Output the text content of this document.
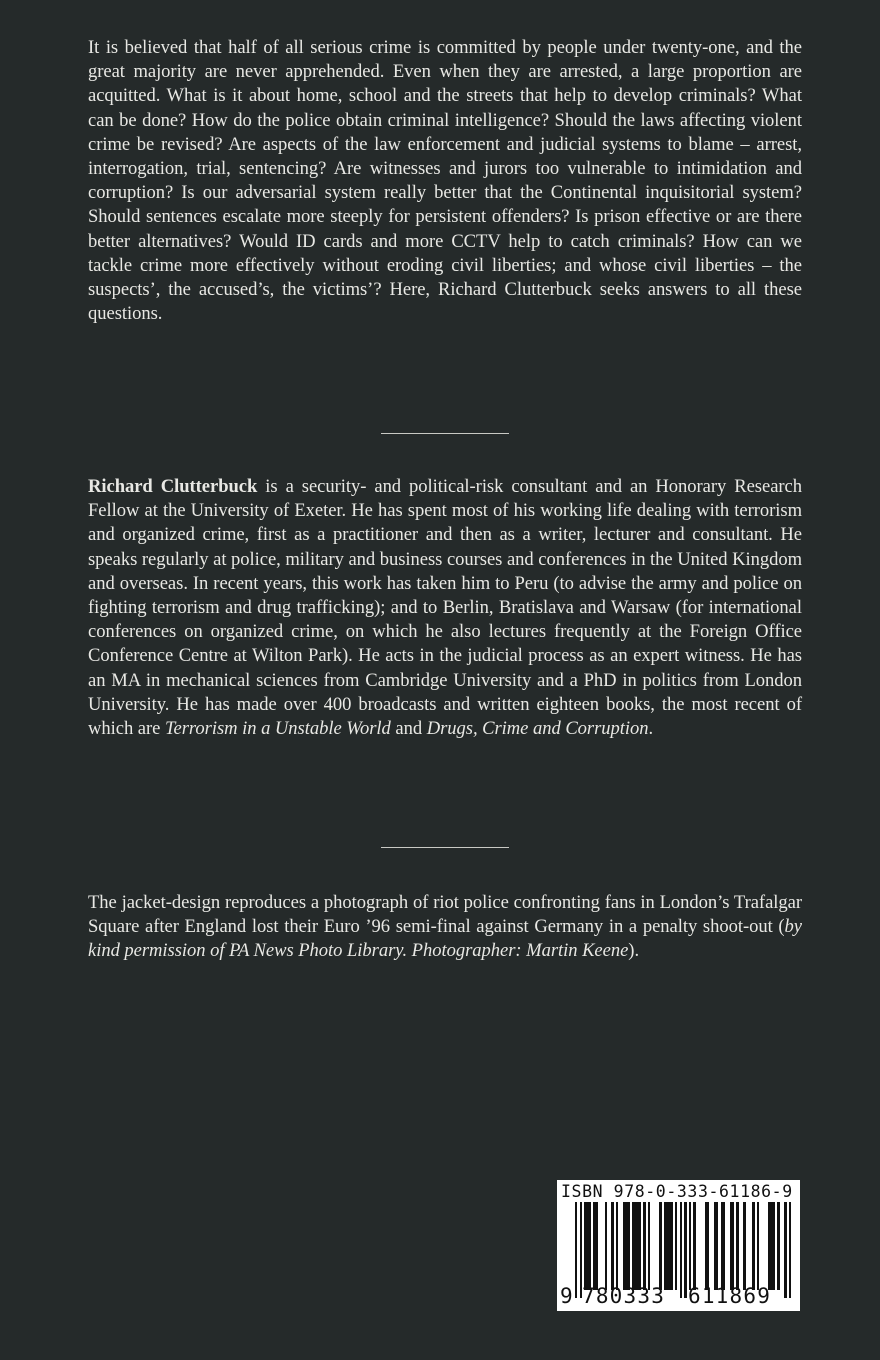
It is believed that half of all serious crime is committed by people under twenty-one, and the great majority are never apprehended. Even when they are arrested, a large proportion are acquitted. What is it about home, school and the streets that help to develop criminals? What can be done? How do the police obtain criminal intelligence? Should the laws affecting violent crime be revised? Are aspects of the law enforcement and judicial systems to blame – arrest, interrogation, trial, sentencing? Are witnesses and jurors too vulnerable to intimidation and corruption? Is our adversarial system really better that the Continental inquisitorial system? Should sentences escalate more steeply for persistent offenders? Is prison effective or are there better alternatives? Would ID cards and more CCTV help to catch criminals? How can we tackle crime more effectively without eroding civil liberties; and whose civil liberties – the suspects’, the accused’s, the victims’? Here, Richard Clutterbuck seeks answers to all these questions.

Richard Clutterbuck is a security- and political-risk consultant and an Honorary Research Fellow at the University of Exeter. He has spent most of his working life dealing with terrorism and organized crime, first as a practitioner and then as a writer, lecturer and consultant. He speaks regularly at police, military and business courses and conferences in the United Kingdom and overseas. In recent years, this work has taken him to Peru (to advise the army and police on fighting terrorism and drug trafficking); and to Berlin, Bratislava and Warsaw (for international conferences on organized crime, on which he also lectures frequently at the Foreign Office Conference Centre at Wilton Park). He acts in the judicial process as an expert witness. He has an MA in mechanical sciences from Cambridge University and a PhD in politics from London University. He has made over 400 broadcasts and written eighteen books, the most recent of which are Terrorism in a Unstable World and Drugs, Crime and Corruption.

The jacket-design reproduces a photograph of riot police confronting fans in London’s Trafalgar Square after England lost their Euro ’96 semi-final against Germany in a penalty shoot-out (by kind permission of PA News Photo Library. Photographer: Martin Keene).

ISBN 978-0-333-61186-9
9 780333 611869
